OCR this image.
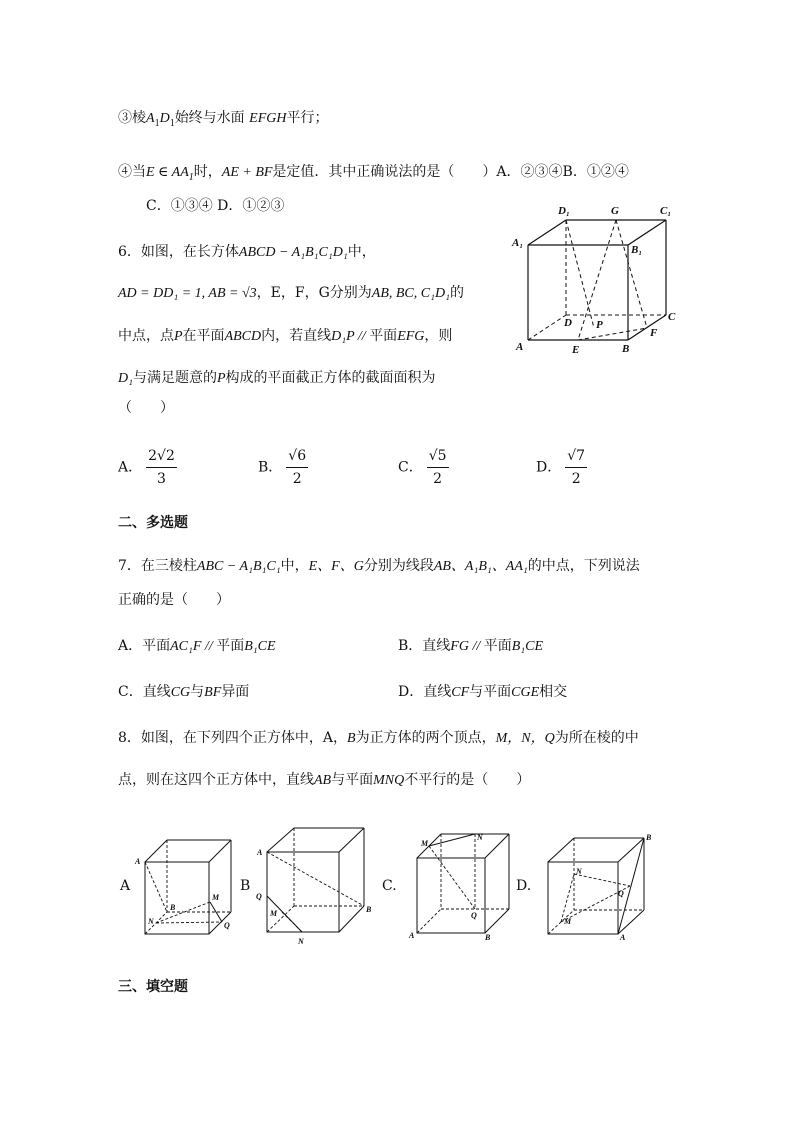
③棱$A_1D_1$始终与水面 EFGH平行；
④当E ∈ $AA_1$时，AE + BF是定值．其中正确说法的是（　　）A．②③④B．①②④
C．①③④ D．①②③
6．如图，在长方体ABCD − A₁B₁C₁D₁中，
AD = DD₁ = 1, AB = √3，E，F，G分别为AB, BC, C₁D₁的
中点，点P在平面ABCD内，若直线D₁P // 平面EFG，则
D₁与满足题意的P构成的平面截正方体的截面面积为
（　　）
A． $\frac{2√2}{3}$	B． $\frac{√6}{2}$	C． $\frac{√5}{2}$	D． $\frac{√7}{2}$
D₁	G	C₁
A₁
B₁
D P
C
F
A	E	B
二、多选题
7．在三棱柱ABC − A₁B₁C₁中，E、F、G分别为线段AB、A₁B₁、AA₁的中点，下列说法
正确的是（　　）
A．平面AC₁F // 平面B₁CE	B．直线FG // 平面B₁CE
C．直线CG与BF异面	D．直线CF与平面CGE相交
8．如图，在下列四个正方体中，A，B为正方体的两个顶点，M，N，Q为所在棱的中
点，则在这四个正方体中，直线AB与平面MNQ不平行的是（　　）
A	B	C.	D.
A
B
M
N	Q
A
Q
M
N
B
M
N
Q
A	B
B
N
Q
M
A
三、填空题
